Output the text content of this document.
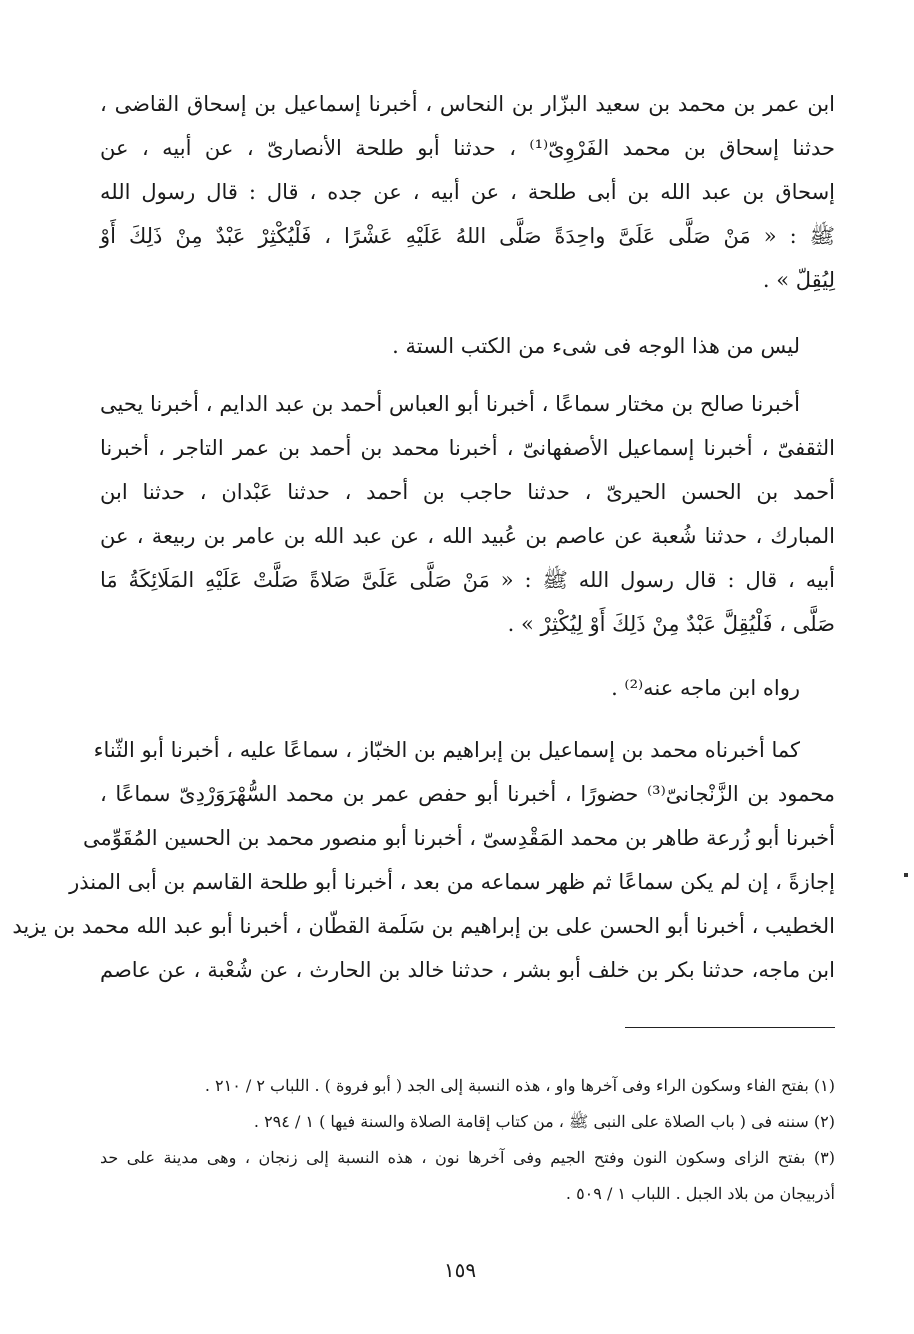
ابن عمر بن محمد بن سعيد البزّار بن النحاس ، أخبرنا إسماعيل بن إسحاق القاضى ،
حدثنا إسحاق بن محمد الفَرْوِىّ⁽¹⁾ ، حدثنا أبو طلحة الأنصارىّ ، عن أبيه ، عن
إسحاق بن عبد الله بن أبى طلحة ، عن أبيه ، عن جده ، قال : قال رسول الله
ﷺ : « مَنْ صَلَّى عَلَىَّ واحِدَةً صَلَّى اللهُ عَلَيْهِ عَشْرًا ، فَلْيُكْثِرْ عَبْدٌ مِنْ ذَلِكَ أَوْ
لِيُقِلّ » .
ليس من هذا الوجه فى شىء من الكتب الستة .
أخبرنا صالح بن مختار سماعًا ، أخبرنا أبو العباس أحمد بن عبد الدايم ، أخبرنا يحيى
الثقفىّ ، أخبرنا إسماعيل الأصفهانىّ ، أخبرنا محمد بن أحمد بن عمر التاجر ، أخبرنا
أحمد بن الحسن الحيرىّ ، حدثنا حاجب بن أحمد ، حدثنا عَبْدان ، حدثنا ابن
المبارك ، حدثنا شُعبة عن عاصم بن عُبيد الله ، عن عبد الله بن عامر بن ربيعة ، عن
أبيه ، قال : قال رسول الله ﷺ : « مَنْ صَلَّى عَلَىَّ صَلاةً صَلَّتْ عَلَيْهِ المَلَائِكَةُ مَا
صَلَّى ، فَلْيُقِلَّ عَبْدٌ مِنْ ذَلِكَ أَوْ لِيُكْثِرْ » .
رواه ابن ماجه عنه⁽²⁾ .
كما أخبرناه محمد بن إسماعيل بن إبراهيم بن الخبّاز ، سماعًا عليه ، أخبرنا أبو الثّناء
محمود بن الزَّنْجانىّ⁽³⁾ حضورًا ، أخبرنا أبو حفص عمر بن محمد السُّهْرَوَرْدِىّ سماعًا ،
أخبرنا أبو زُرعة طاهر بن محمد المَقْدِسىّ ، أخبرنا أبو منصور محمد بن الحسين المُقَوِّمى
إجازةً ، إن لم يكن سماعًا ثم ظهر سماعه من بعد ، أخبرنا أبو طلحة القاسم بن أبى المنذر
الخطيب ، أخبرنا أبو الحسن على بن إبراهيم بن سَلَمة القطّان ، أخبرنا أبو عبد الله محمد بن يزيد
ابن ماجه، حدثنا بكر بن خلف أبو بشر ، حدثنا خالد بن الحارث ، عن شُعْبة ، عن عاصم
(١) بفتح الفاء وسكون الراء وفى آخرها واو ، هذه النسبة إلى الجد ( أبو فروة ) . اللباب ٢ / ٢١٠ .
(٢) سننه فى ( باب الصلاة على النبى ﷺ ، من كتاب إقامة الصلاة والسنة فيها ) ١ / ٢٩٤ .
(٣) بفتح الزاى وسكون النون وفتح الجيم وفى آخرها نون ، هذه النسبة إلى زنجان ، وهى مدينة على حد
أذربيجان من بلاد الجبل . اللباب ١ / ٥٠٩ .
١٥٩
